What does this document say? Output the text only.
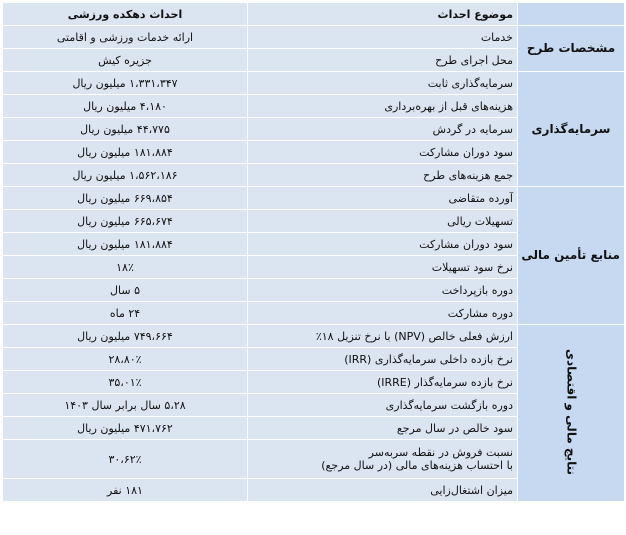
	موضوع احداث	احداث دهکده ورزشی
مشخصات طرح	خدمات	ارائه خدمات ورزشی و اقامتی
	محل اجرای طرح	جزیره کیش
سرمایه‌گذاری	سرمایه‌گذاری ثابت	۱،۳۳۱،۳۴۷ میلیون ریال
	هزینه‌های قبل از بهره‌برداری	۴،۱۸۰ میلیون ریال
	سرمایه در گردش	۴۴،۷۷۵ میلیون ریال
	سود دوران مشارکت	۱۸۱،۸۸۴ میلیون ریال
	جمع هزینه‌های طرح	۱،۵۶۲،۱۸۶ میلیون ریال
منابع تأمین مالی	آورده متقاضی	۶۶۹،۸۵۴ میلیون ریال
	تسهیلات ریالی	۶۶۵،۶۷۴ میلیون ریال
	سود دوران مشارکت	۱۸۱،۸۸۴ میلیون ریال
	نرخ سود تسهیلات	۱۸٪
	دوره بازپرداخت	۵ سال
	دوره مشارکت	۲۴ ماه
نتایج مالی و اقتصادی	ارزش فعلی خالص (NPV) با نرخ تنزیل ۱۸٪	۷۴۹،۶۶۴ میلیون ریال
	نرخ بازده داخلی سرمایه‌گذاری (IRR)	۲۸،۸۰٪
	نرخ بازده سرمایه‌گذار (IRRE)	۳۵،۰۱٪
	دوره بازگشت سرمایه‌گذاری	۵،۲۸ سال برابر سال ۱۴۰۳
	سود خالص در سال مرجع	۴۷۱،۷۶۲ میلیون ریال
	نسبت فروش در نقطه سربه‌سر
با احتساب هزینه‌های مالی (در سال مرجع)	۳۰،۶۲٪
	میزان اشتغال‌زایی	۱۸۱ نفر
